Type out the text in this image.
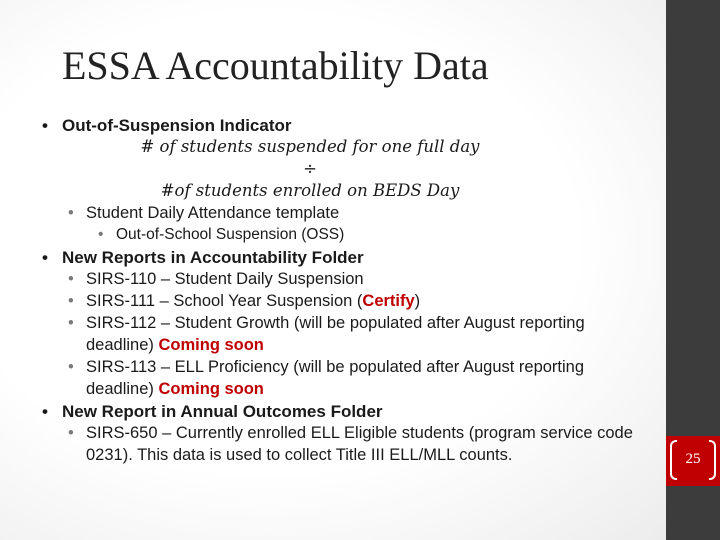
25
ESSA Accountability Data
• Out-of-Suspension Indicator
# of students suspended for one full day
÷
#of students enrolled on BEDS Day
• Student Daily Attendance template
• Out-of-School Suspension (OSS)
• New Reports in Accountability Folder
• SIRS-110 – Student Daily Suspension
• SIRS-111 – School Year Suspension (Certify)
• SIRS-112 – Student Growth (will be populated after August reporting
deadline) Coming soon
• SIRS-113 – ELL Proficiency (will be populated after August reporting
deadline) Coming soon
• New Report in Annual Outcomes Folder
• SIRS-650 – Currently enrolled ELL Eligible students (program service code
0231). This data is used to collect Title III ELL/MLL counts.
